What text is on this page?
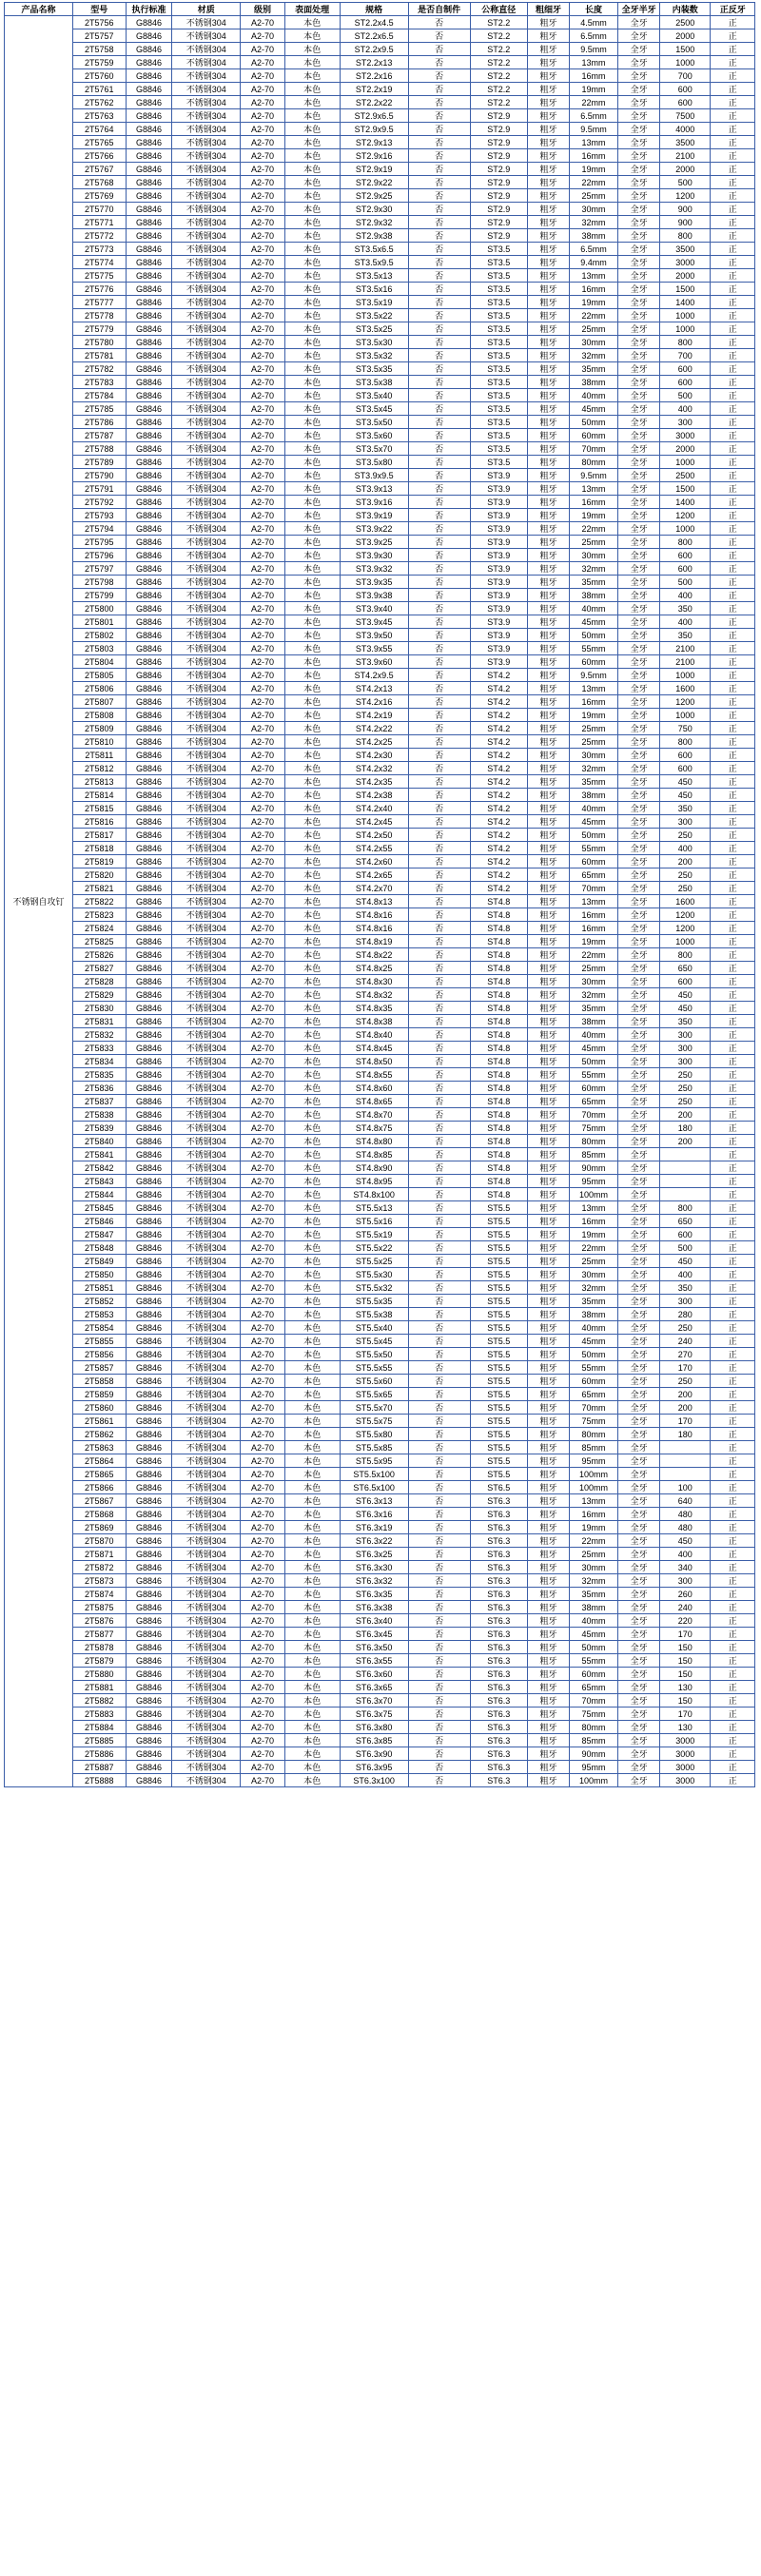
产品名称	型号	执行标准	材质	级别	表面处理	规格	是否自制件	公称直径	粗细牙	长度	全牙半牙	内装数	正反牙
不锈钢自攻钉	2T5756	G8846	不锈钢304	A2-70	本色	ST2.2x4.5	否	ST2.2	粗牙	4.5mm	全牙	2500	正
	2T5757	G8846	不锈钢304	A2-70	本色	ST2.2x6.5	否	ST2.2	粗牙	6.5mm	全牙	2000	正
	2T5758	G8846	不锈钢304	A2-70	本色	ST2.2x9.5	否	ST2.2	粗牙	9.5mm	全牙	1500	正
	2T5759	G8846	不锈钢304	A2-70	本色	ST2.2x13	否	ST2.2	粗牙	13mm	全牙	1000	正
	2T5760	G8846	不锈钢304	A2-70	本色	ST2.2x16	否	ST2.2	粗牙	16mm	全牙	700	正
	2T5761	G8846	不锈钢304	A2-70	本色	ST2.2x19	否	ST2.2	粗牙	19mm	全牙	600	正
	2T5762	G8846	不锈钢304	A2-70	本色	ST2.2x22	否	ST2.2	粗牙	22mm	全牙	600	正
	2T5763	G8846	不锈钢304	A2-70	本色	ST2.9x6.5	否	ST2.9	粗牙	6.5mm	全牙	7500	正
	2T5764	G8846	不锈钢304	A2-70	本色	ST2.9x9.5	否	ST2.9	粗牙	9.5mm	全牙	4000	正
	2T5765	G8846	不锈钢304	A2-70	本色	ST2.9x13	否	ST2.9	粗牙	13mm	全牙	3500	正
	2T5766	G8846	不锈钢304	A2-70	本色	ST2.9x16	否	ST2.9	粗牙	16mm	全牙	2100	正
	2T5767	G8846	不锈钢304	A2-70	本色	ST2.9x19	否	ST2.9	粗牙	19mm	全牙	2000	正
	2T5768	G8846	不锈钢304	A2-70	本色	ST2.9x22	否	ST2.9	粗牙	22mm	全牙	500	正
	2T5769	G8846	不锈钢304	A2-70	本色	ST2.9x25	否	ST2.9	粗牙	25mm	全牙	1200	正
	2T5770	G8846	不锈钢304	A2-70	本色	ST2.9x30	否	ST2.9	粗牙	30mm	全牙	900	正
	2T5771	G8846	不锈钢304	A2-70	本色	ST2.9x32	否	ST2.9	粗牙	32mm	全牙	900	正
	2T5772	G8846	不锈钢304	A2-70	本色	ST2.9x38	否	ST2.9	粗牙	38mm	全牙	800	正
	2T5773	G8846	不锈钢304	A2-70	本色	ST3.5x6.5	否	ST3.5	粗牙	6.5mm	全牙	3500	正
	2T5774	G8846	不锈钢304	A2-70	本色	ST3.5x9.5	否	ST3.5	粗牙	9.4mm	全牙	3000	正
	2T5775	G8846	不锈钢304	A2-70	本色	ST3.5x13	否	ST3.5	粗牙	13mm	全牙	2000	正
	2T5776	G8846	不锈钢304	A2-70	本色	ST3.5x16	否	ST3.5	粗牙	16mm	全牙	1500	正
	2T5777	G8846	不锈钢304	A2-70	本色	ST3.5x19	否	ST3.5	粗牙	19mm	全牙	1400	正
	2T5778	G8846	不锈钢304	A2-70	本色	ST3.5x22	否	ST3.5	粗牙	22mm	全牙	1000	正
	2T5779	G8846	不锈钢304	A2-70	本色	ST3.5x25	否	ST3.5	粗牙	25mm	全牙	1000	正
	2T5780	G8846	不锈钢304	A2-70	本色	ST3.5x30	否	ST3.5	粗牙	30mm	全牙	800	正
	2T5781	G8846	不锈钢304	A2-70	本色	ST3.5x32	否	ST3.5	粗牙	32mm	全牙	700	正
	2T5782	G8846	不锈钢304	A2-70	本色	ST3.5x35	否	ST3.5	粗牙	35mm	全牙	600	正
	2T5783	G8846	不锈钢304	A2-70	本色	ST3.5x38	否	ST3.5	粗牙	38mm	全牙	600	正
	2T5784	G8846	不锈钢304	A2-70	本色	ST3.5x40	否	ST3.5	粗牙	40mm	全牙	500	正
	2T5785	G8846	不锈钢304	A2-70	本色	ST3.5x45	否	ST3.5	粗牙	45mm	全牙	400	正
	2T5786	G8846	不锈钢304	A2-70	本色	ST3.5x50	否	ST3.5	粗牙	50mm	全牙	300	正
	2T5787	G8846	不锈钢304	A2-70	本色	ST3.5x60	否	ST3.5	粗牙	60mm	全牙	3000	正
	2T5788	G8846	不锈钢304	A2-70	本色	ST3.5x70	否	ST3.5	粗牙	70mm	全牙	2000	正
	2T5789	G8846	不锈钢304	A2-70	本色	ST3.5x80	否	ST3.5	粗牙	80mm	全牙	1000	正
	2T5790	G8846	不锈钢304	A2-70	本色	ST3.9x9.5	否	ST3.9	粗牙	9.5mm	全牙	2500	正
	2T5791	G8846	不锈钢304	A2-70	本色	ST3.9x13	否	ST3.9	粗牙	13mm	全牙	1500	正
	2T5792	G8846	不锈钢304	A2-70	本色	ST3.9x16	否	ST3.9	粗牙	16mm	全牙	1400	正
	2T5793	G8846	不锈钢304	A2-70	本色	ST3.9x19	否	ST3.9	粗牙	19mm	全牙	1200	正
	2T5794	G8846	不锈钢304	A2-70	本色	ST3.9x22	否	ST3.9	粗牙	22mm	全牙	1000	正
	2T5795	G8846	不锈钢304	A2-70	本色	ST3.9x25	否	ST3.9	粗牙	25mm	全牙	800	正
	2T5796	G8846	不锈钢304	A2-70	本色	ST3.9x30	否	ST3.9	粗牙	30mm	全牙	600	正
	2T5797	G8846	不锈钢304	A2-70	本色	ST3.9x32	否	ST3.9	粗牙	32mm	全牙	600	正
	2T5798	G8846	不锈钢304	A2-70	本色	ST3.9x35	否	ST3.9	粗牙	35mm	全牙	500	正
	2T5799	G8846	不锈钢304	A2-70	本色	ST3.9x38	否	ST3.9	粗牙	38mm	全牙	400	正
	2T5800	G8846	不锈钢304	A2-70	本色	ST3.9x40	否	ST3.9	粗牙	40mm	全牙	350	正
	2T5801	G8846	不锈钢304	A2-70	本色	ST3.9x45	否	ST3.9	粗牙	45mm	全牙	400	正
	2T5802	G8846	不锈钢304	A2-70	本色	ST3.9x50	否	ST3.9	粗牙	50mm	全牙	350	正
	2T5803	G8846	不锈钢304	A2-70	本色	ST3.9x55	否	ST3.9	粗牙	55mm	全牙	2100	正
	2T5804	G8846	不锈钢304	A2-70	本色	ST3.9x60	否	ST3.9	粗牙	60mm	全牙	2100	正
	2T5805	G8846	不锈钢304	A2-70	本色	ST4.2x9.5	否	ST4.2	粗牙	9.5mm	全牙	1000	正
	2T5806	G8846	不锈钢304	A2-70	本色	ST4.2x13	否	ST4.2	粗牙	13mm	全牙	1600	正
	2T5807	G8846	不锈钢304	A2-70	本色	ST4.2x16	否	ST4.2	粗牙	16mm	全牙	1200	正
	2T5808	G8846	不锈钢304	A2-70	本色	ST4.2x19	否	ST4.2	粗牙	19mm	全牙	1000	正
	2T5809	G8846	不锈钢304	A2-70	本色	ST4.2x22	否	ST4.2	粗牙	25mm	全牙	750	正
	2T5810	G8846	不锈钢304	A2-70	本色	ST4.2x25	否	ST4.2	粗牙	25mm	全牙	800	正
	2T5811	G8846	不锈钢304	A2-70	本色	ST4.2x30	否	ST4.2	粗牙	30mm	全牙	600	正
	2T5812	G8846	不锈钢304	A2-70	本色	ST4.2x32	否	ST4.2	粗牙	32mm	全牙	600	正
	2T5813	G8846	不锈钢304	A2-70	本色	ST4.2x35	否	ST4.2	粗牙	35mm	全牙	450	正
	2T5814	G8846	不锈钢304	A2-70	本色	ST4.2x38	否	ST4.2	粗牙	38mm	全牙	450	正
	2T5815	G8846	不锈钢304	A2-70	本色	ST4.2x40	否	ST4.2	粗牙	40mm	全牙	350	正
	2T5816	G8846	不锈钢304	A2-70	本色	ST4.2x45	否	ST4.2	粗牙	45mm	全牙	300	正
	2T5817	G8846	不锈钢304	A2-70	本色	ST4.2x50	否	ST4.2	粗牙	50mm	全牙	250	正
	2T5818	G8846	不锈钢304	A2-70	本色	ST4.2x55	否	ST4.2	粗牙	55mm	全牙	400	正
	2T5819	G8846	不锈钢304	A2-70	本色	ST4.2x60	否	ST4.2	粗牙	60mm	全牙	200	正
	2T5820	G8846	不锈钢304	A2-70	本色	ST4.2x65	否	ST4.2	粗牙	65mm	全牙	250	正
	2T5821	G8846	不锈钢304	A2-70	本色	ST4.2x70	否	ST4.2	粗牙	70mm	全牙	250	正
	2T5822	G8846	不锈钢304	A2-70	本色	ST4.8x13	否	ST4.8	粗牙	13mm	全牙	1600	正
	2T5823	G8846	不锈钢304	A2-70	本色	ST4.8x16	否	ST4.8	粗牙	16mm	全牙	1200	正
	2T5824	G8846	不锈钢304	A2-70	本色	ST4.8x16	否	ST4.8	粗牙	16mm	全牙	1200	正
	2T5825	G8846	不锈钢304	A2-70	本色	ST4.8x19	否	ST4.8	粗牙	19mm	全牙	1000	正
	2T5826	G8846	不锈钢304	A2-70	本色	ST4.8x22	否	ST4.8	粗牙	22mm	全牙	800	正
	2T5827	G8846	不锈钢304	A2-70	本色	ST4.8x25	否	ST4.8	粗牙	25mm	全牙	650	正
	2T5828	G8846	不锈钢304	A2-70	本色	ST4.8x30	否	ST4.8	粗牙	30mm	全牙	600	正
	2T5829	G8846	不锈钢304	A2-70	本色	ST4.8x32	否	ST4.8	粗牙	32mm	全牙	450	正
	2T5830	G8846	不锈钢304	A2-70	本色	ST4.8x35	否	ST4.8	粗牙	35mm	全牙	450	正
	2T5831	G8846	不锈钢304	A2-70	本色	ST4.8x38	否	ST4.8	粗牙	38mm	全牙	350	正
	2T5832	G8846	不锈钢304	A2-70	本色	ST4.8x40	否	ST4.8	粗牙	40mm	全牙	300	正
	2T5833	G8846	不锈钢304	A2-70	本色	ST4.8x45	否	ST4.8	粗牙	45mm	全牙	300	正
	2T5834	G8846	不锈钢304	A2-70	本色	ST4.8x50	否	ST4.8	粗牙	50mm	全牙	300	正
	2T5835	G8846	不锈钢304	A2-70	本色	ST4.8x55	否	ST4.8	粗牙	55mm	全牙	250	正
	2T5836	G8846	不锈钢304	A2-70	本色	ST4.8x60	否	ST4.8	粗牙	60mm	全牙	250	正
	2T5837	G8846	不锈钢304	A2-70	本色	ST4.8x65	否	ST4.8	粗牙	65mm	全牙	250	正
	2T5838	G8846	不锈钢304	A2-70	本色	ST4.8x70	否	ST4.8	粗牙	70mm	全牙	200	正
	2T5839	G8846	不锈钢304	A2-70	本色	ST4.8x75	否	ST4.8	粗牙	75mm	全牙	180	正
	2T5840	G8846	不锈钢304	A2-70	本色	ST4.8x80	否	ST4.8	粗牙	80mm	全牙	200	正
	2T5841	G8846	不锈钢304	A2-70	本色	ST4.8x85	否	ST4.8	粗牙	85mm	全牙		正
	2T5842	G8846	不锈钢304	A2-70	本色	ST4.8x90	否	ST4.8	粗牙	90mm	全牙		正
	2T5843	G8846	不锈钢304	A2-70	本色	ST4.8x95	否	ST4.8	粗牙	95mm	全牙		正
	2T5844	G8846	不锈钢304	A2-70	本色	ST4.8x100	否	ST4.8	粗牙	100mm	全牙		正
	2T5845	G8846	不锈钢304	A2-70	本色	ST5.5x13	否	ST5.5	粗牙	13mm	全牙	800	正
	2T5846	G8846	不锈钢304	A2-70	本色	ST5.5x16	否	ST5.5	粗牙	16mm	全牙	650	正
	2T5847	G8846	不锈钢304	A2-70	本色	ST5.5x19	否	ST5.5	粗牙	19mm	全牙	600	正
	2T5848	G8846	不锈钢304	A2-70	本色	ST5.5x22	否	ST5.5	粗牙	22mm	全牙	500	正
	2T5849	G8846	不锈钢304	A2-70	本色	ST5.5x25	否	ST5.5	粗牙	25mm	全牙	450	正
	2T5850	G8846	不锈钢304	A2-70	本色	ST5.5x30	否	ST5.5	粗牙	30mm	全牙	400	正
	2T5851	G8846	不锈钢304	A2-70	本色	ST5.5x32	否	ST5.5	粗牙	32mm	全牙	350	正
	2T5852	G8846	不锈钢304	A2-70	本色	ST5.5x35	否	ST5.5	粗牙	35mm	全牙	300	正
	2T5853	G8846	不锈钢304	A2-70	本色	ST5.5x38	否	ST5.5	粗牙	38mm	全牙	280	正
	2T5854	G8846	不锈钢304	A2-70	本色	ST5.5x40	否	ST5.5	粗牙	40mm	全牙	250	正
	2T5855	G8846	不锈钢304	A2-70	本色	ST5.5x45	否	ST5.5	粗牙	45mm	全牙	240	正
	2T5856	G8846	不锈钢304	A2-70	本色	ST5.5x50	否	ST5.5	粗牙	50mm	全牙	270	正
	2T5857	G8846	不锈钢304	A2-70	本色	ST5.5x55	否	ST5.5	粗牙	55mm	全牙	170	正
	2T5858	G8846	不锈钢304	A2-70	本色	ST5.5x60	否	ST5.5	粗牙	60mm	全牙	250	正
	2T5859	G8846	不锈钢304	A2-70	本色	ST5.5x65	否	ST5.5	粗牙	65mm	全牙	200	正
	2T5860	G8846	不锈钢304	A2-70	本色	ST5.5x70	否	ST5.5	粗牙	70mm	全牙	200	正
	2T5861	G8846	不锈钢304	A2-70	本色	ST5.5x75	否	ST5.5	粗牙	75mm	全牙	170	正
	2T5862	G8846	不锈钢304	A2-70	本色	ST5.5x80	否	ST5.5	粗牙	80mm	全牙	180	正
	2T5863	G8846	不锈钢304	A2-70	本色	ST5.5x85	否	ST5.5	粗牙	85mm	全牙		正
	2T5864	G8846	不锈钢304	A2-70	本色	ST5.5x95	否	ST5.5	粗牙	95mm	全牙		正
	2T5865	G8846	不锈钢304	A2-70	本色	ST5.5x100	否	ST5.5	粗牙	100mm	全牙		正
	2T5866	G8846	不锈钢304	A2-70	本色	ST6.5x100	否	ST6.5	粗牙	100mm	全牙	100	正
	2T5867	G8846	不锈钢304	A2-70	本色	ST6.3x13	否	ST6.3	粗牙	13mm	全牙	640	正
	2T5868	G8846	不锈钢304	A2-70	本色	ST6.3x16	否	ST6.3	粗牙	16mm	全牙	480	正
	2T5869	G8846	不锈钢304	A2-70	本色	ST6.3x19	否	ST6.3	粗牙	19mm	全牙	480	正
	2T5870	G8846	不锈钢304	A2-70	本色	ST6.3x22	否	ST6.3	粗牙	22mm	全牙	450	正
	2T5871	G8846	不锈钢304	A2-70	本色	ST6.3x25	否	ST6.3	粗牙	25mm	全牙	400	正
	2T5872	G8846	不锈钢304	A2-70	本色	ST6.3x30	否	ST6.3	粗牙	30mm	全牙	340	正
	2T5873	G8846	不锈钢304	A2-70	本色	ST6.3x32	否	ST6.3	粗牙	32mm	全牙	300	正
	2T5874	G8846	不锈钢304	A2-70	本色	ST6.3x35	否	ST6.3	粗牙	35mm	全牙	260	正
	2T5875	G8846	不锈钢304	A2-70	本色	ST6.3x38	否	ST6.3	粗牙	38mm	全牙	240	正
	2T5876	G8846	不锈钢304	A2-70	本色	ST6.3x40	否	ST6.3	粗牙	40mm	全牙	220	正
	2T5877	G8846	不锈钢304	A2-70	本色	ST6.3x45	否	ST6.3	粗牙	45mm	全牙	170	正
	2T5878	G8846	不锈钢304	A2-70	本色	ST6.3x50	否	ST6.3	粗牙	50mm	全牙	150	正
	2T5879	G8846	不锈钢304	A2-70	本色	ST6.3x55	否	ST6.3	粗牙	55mm	全牙	150	正
	2T5880	G8846	不锈钢304	A2-70	本色	ST6.3x60	否	ST6.3	粗牙	60mm	全牙	150	正
	2T5881	G8846	不锈钢304	A2-70	本色	ST6.3x65	否	ST6.3	粗牙	65mm	全牙	130	正
	2T5882	G8846	不锈钢304	A2-70	本色	ST6.3x70	否	ST6.3	粗牙	70mm	全牙	150	正
	2T5883	G8846	不锈钢304	A2-70	本色	ST6.3x75	否	ST6.3	粗牙	75mm	全牙	170	正
	2T5884	G8846	不锈钢304	A2-70	本色	ST6.3x80	否	ST6.3	粗牙	80mm	全牙	130	正
	2T5885	G8846	不锈钢304	A2-70	本色	ST6.3x85	否	ST6.3	粗牙	85mm	全牙	3000	正
	2T5886	G8846	不锈钢304	A2-70	本色	ST6.3x90	否	ST6.3	粗牙	90mm	全牙	3000	正
	2T5887	G8846	不锈钢304	A2-70	本色	ST6.3x95	否	ST6.3	粗牙	95mm	全牙	3000	正
	2T5888	G8846	不锈钢304	A2-70	本色	ST6.3x100	否	ST6.3	粗牙	100mm	全牙	3000	正
